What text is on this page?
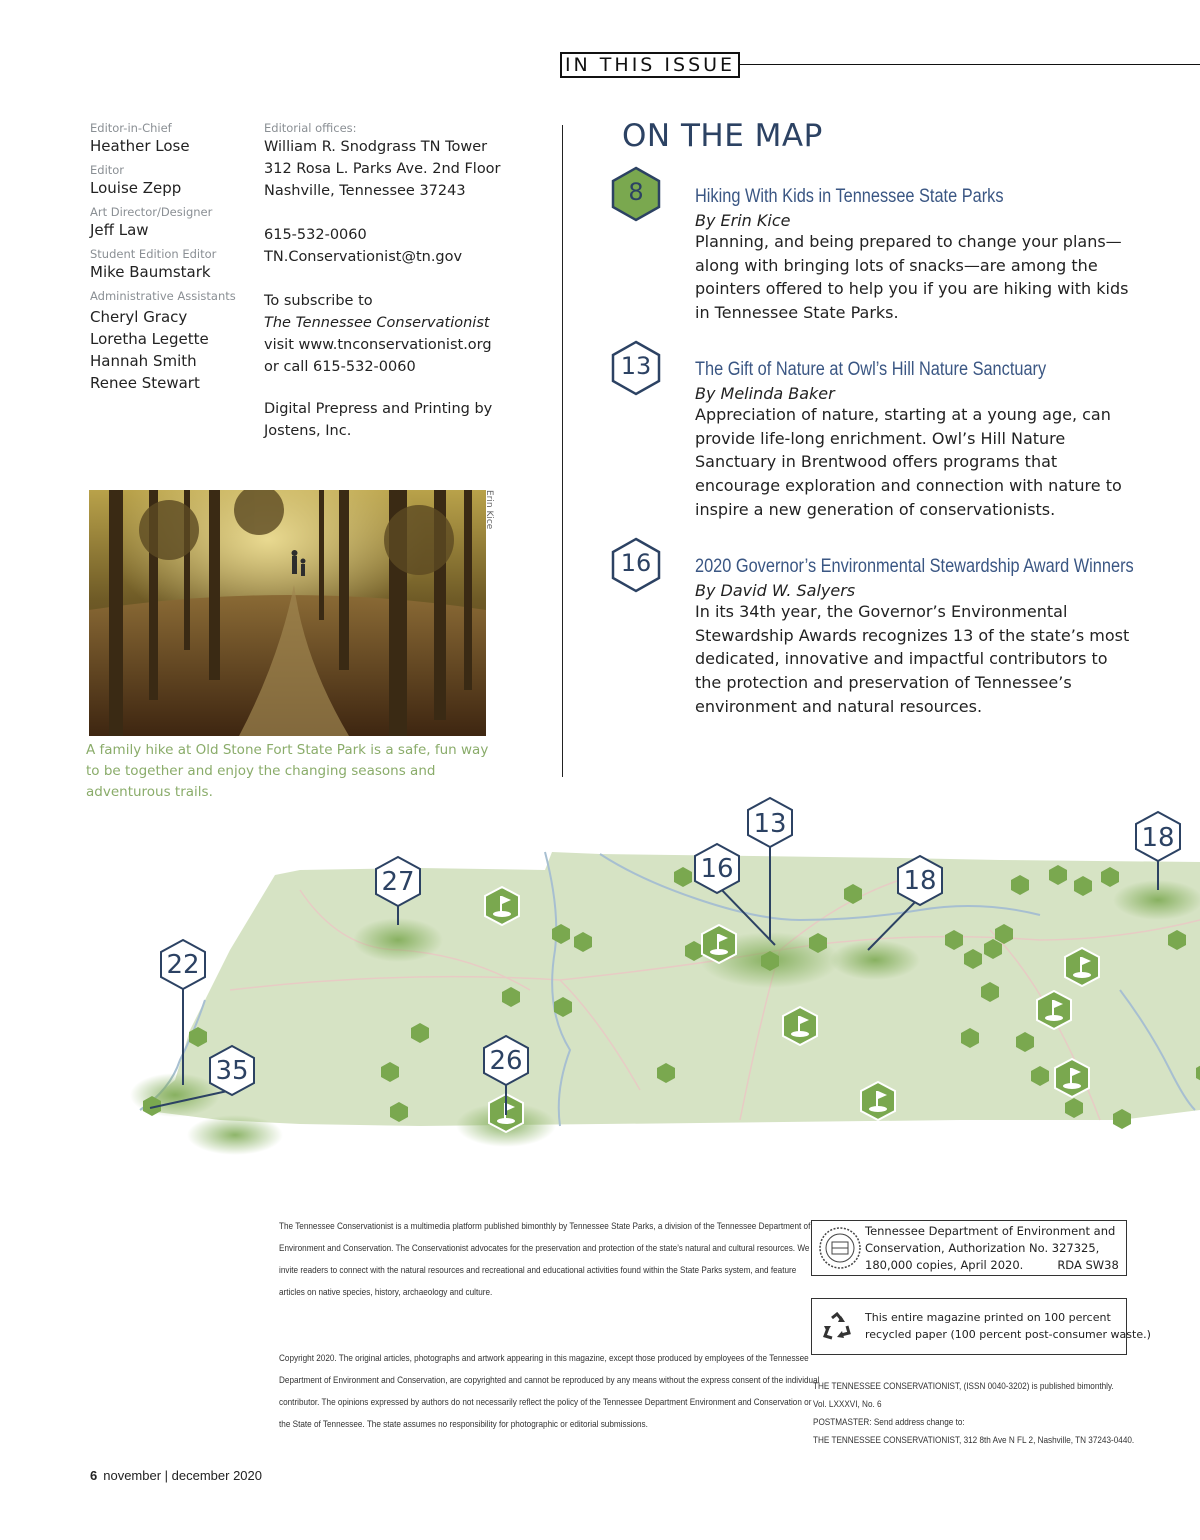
IN THIS ISSUE
Editor-in-Chief
Heather Lose
Editor
Louise Zepp
Art Director/Designer
Jeff Law
Student Edition Editor
Mike Baumstark
Administrative Assistants
Cheryl Gracy
Loretha Legette
Hannah Smith
Renee Stewart
Editorial offices:
William R. Snodgrass TN Tower
312 Rosa L. Parks Ave. 2nd Floor
Nashville, Tennessee 37243
615-532-0060
TN.Conservationist@tn.gov
To subscribe to
The Tennessee Conservationist
visit www.tnconservationist.org
or call 615-532-0060
Digital Prepress and Printing by
Jostens, Inc.
Erin Kice
A family hike at Old Stone Fort State Park is a safe, fun way to be together and enjoy the changing seasons and adventurous trails.
ON THE MAP
8	Hiking With Kids in Tennessee State Parks
By Erin Kice
Planning, and being prepared to change your plans—along with bringing lots of snacks—are among the pointers offered to help you if you are hiking with kids in Tennessee State Parks.
13	The Gift of Nature at Owl’s Hill Nature Sanctuary
By Melinda Baker
Appreciation of nature, starting at a young age, can provide life-long enrichment. Owl’s Hill Nature Sanctuary in Brentwood offers programs that encourage exploration and connection with nature to inspire a new generation of conservationists.
16	2020 Governor’s Environmental Stewardship Award Winners
By David W. Salyers
In its 34th year, the Governor’s Environmental Stewardship Awards recognizes 13 of the state’s most dedicated, innovative and impactful contributors to the protection and preservation of Tennessee’s environment and natural resources.
22
35
27
26
16
13
18
18
The Tennessee Conservationist is a multimedia platform published bimonthly by Tennessee State Parks, a division of the Tennessee Department of Environment and Conservation. The Conservationist advocates for the preservation and protection of the state’s natural and cultural resources. We invite readers to connect with the natural resources and recreational and educational activities found within the State Parks system, and feature articles on native species, history, archaeology and culture.
Copyright 2020. The original articles, photographs and artwork appearing in this magazine, except those produced by employees of the Tennessee Department of Environment and Conservation, are copyrighted and cannot be reproduced by any means without the express consent of the individual contributor. The opinions expressed by authors do not necessarily reflect the policy of the Tennessee Department Environment and Conservation or the State of Tennessee. The state assumes no responsibility for photographic or editorial submissions.
Tennessee Department of Environment and
Conservation, Authorization No. 327325,
180,000 copies, April 2020.	RDA SW38
This entire magazine printed on 100 percent
recycled paper (100 percent post-consumer waste.)
THE TENNESSEE CONSERVATIONIST, (ISSN 0040-3202) is published bimonthly.
Vol. LXXXVI, No. 6
POSTMASTER: Send address change to:
THE TENNESSEE CONSERVATIONIST, 312 8th Ave N FL 2, Nashville, TN 37243-0440.
6 november | december 2020
